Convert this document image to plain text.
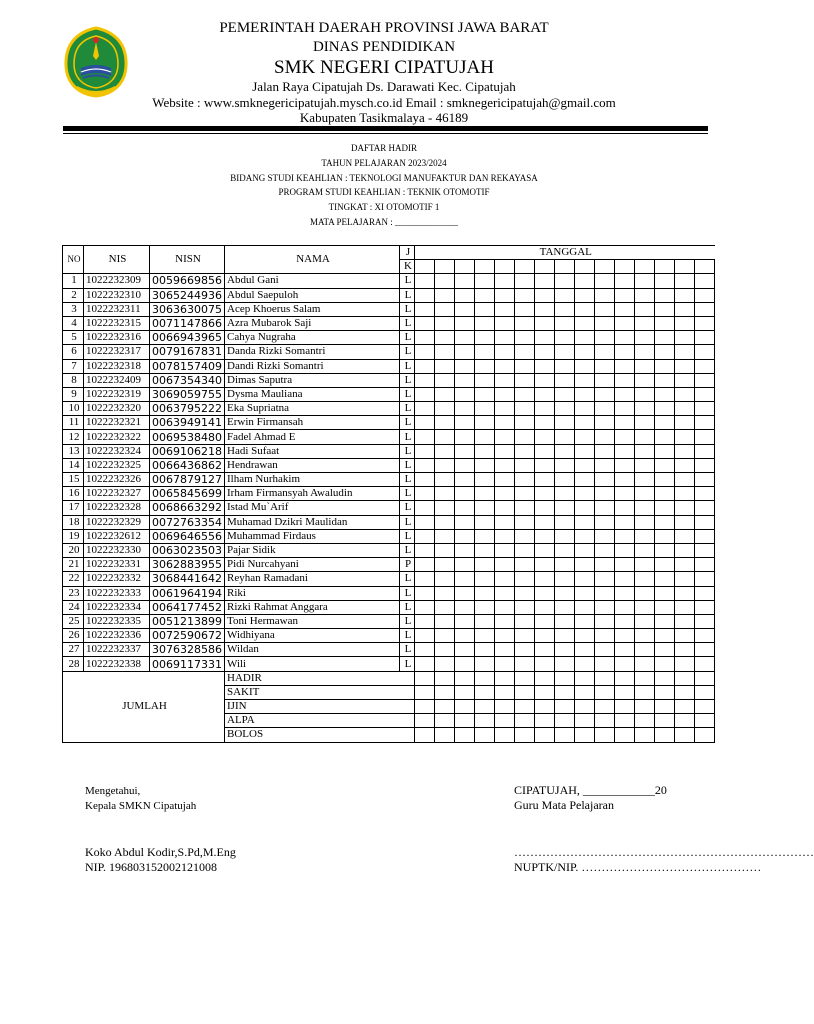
PEMERINTAH DAERAH PROVINSI JAWA BARAT
DINAS PENDIDIKAN
SMK NEGERI CIPATUJAH
Jalan Raya Cipatujah Ds. Darawati Kec. Cipatujah
Website : www.smknegericipatujah.mysch.co.id Email : smknegericipatujah@gmail.com
Kabupaten Tasikmalaya - 46189
DAFTAR HADIR
TAHUN PELAJARAN 2023/2024
BIDANG STUDI KEAHLIAN : TEKNOLOGI MANUFAKTUR DAN REKAYASA
PROGRAM STUDI KEAHLIAN : TEKNIK OTOMOTIF
TINGKAT : XI OTOMOTIF 1
MATA PELAJARAN : ______________
NO	NIS	NISN	NAMA	J	TANGGAL														
				K															
1	1022232309	0059669856	Abdul Gani	L															
2	1022232310	3065244936	Abdul Saepuloh	L															
3	1022232311	3063630075	Acep Khoerus Salam	L															
4	1022232315	0071147866	Azra Mubarok Saji	L															
5	1022232316	0066943965	Cahya Nugraha	L															
6	1022232317	0079167831	Danda Rizki Somantri	L															
7	1022232318	0078157409	Dandi Rizki Somantri	L															
8	1022232409	0067354340	Dimas Saputra	L															
9	1022232319	3069059755	Dysma Mauliana	L															
10	1022232320	0063795222	Eka Supriatna	L															
11	1022232321	0063949141	Erwin Firmansah	L															
12	1022232322	0069538480	Fadel Ahmad E	L															
13	1022232324	0069106218	Hadi Sufaat	L															
14	1022232325	0066436862	Hendrawan	L															
15	1022232326	0067879127	Ilham Nurhakim	L															
16	1022232327	0065845699	Irham Firmansyah Awaludin	L															
17	1022232328	0068663292	Istad Mu`Arif	L															
18	1022232329	0072763354	Muhamad Dzikri Maulidan	L															
19	1022232612	0069646556	Muhammad Firdaus	L															
20	1022232330	0063023503	Pajar Sidik	L															
21	1022232331	3062883955	Pidi Nurcahyani	P															
22	1022232332	3068441642	Reyhan Ramadani	L															
23	1022232333	0061964194	Riki	L															
24	1022232334	0064177452	Rizki Rahmat Anggara	L															
25	1022232335	0051213899	Toni Hermawan	L															
26	1022232336	0072590672	Widhiyana	L															
27	1022232337	3076328586	Wildan	L															
28	1022232338	0069117331	Wili	L															
JUMLAH			HADIR																
			SAKIT																
			IJIN																
			ALPA																
			BOLOS																
Mengetahui,
Kepala SMKN Cipatujah
Koko Abdul Kodir,S.Pd,M.Eng
NIP. 196803152002121008
CIPATUJAH, ____________20
Guru Mata Pelajaran
…………………………………………………………………
NUPTK/NIP. ………………………………………
